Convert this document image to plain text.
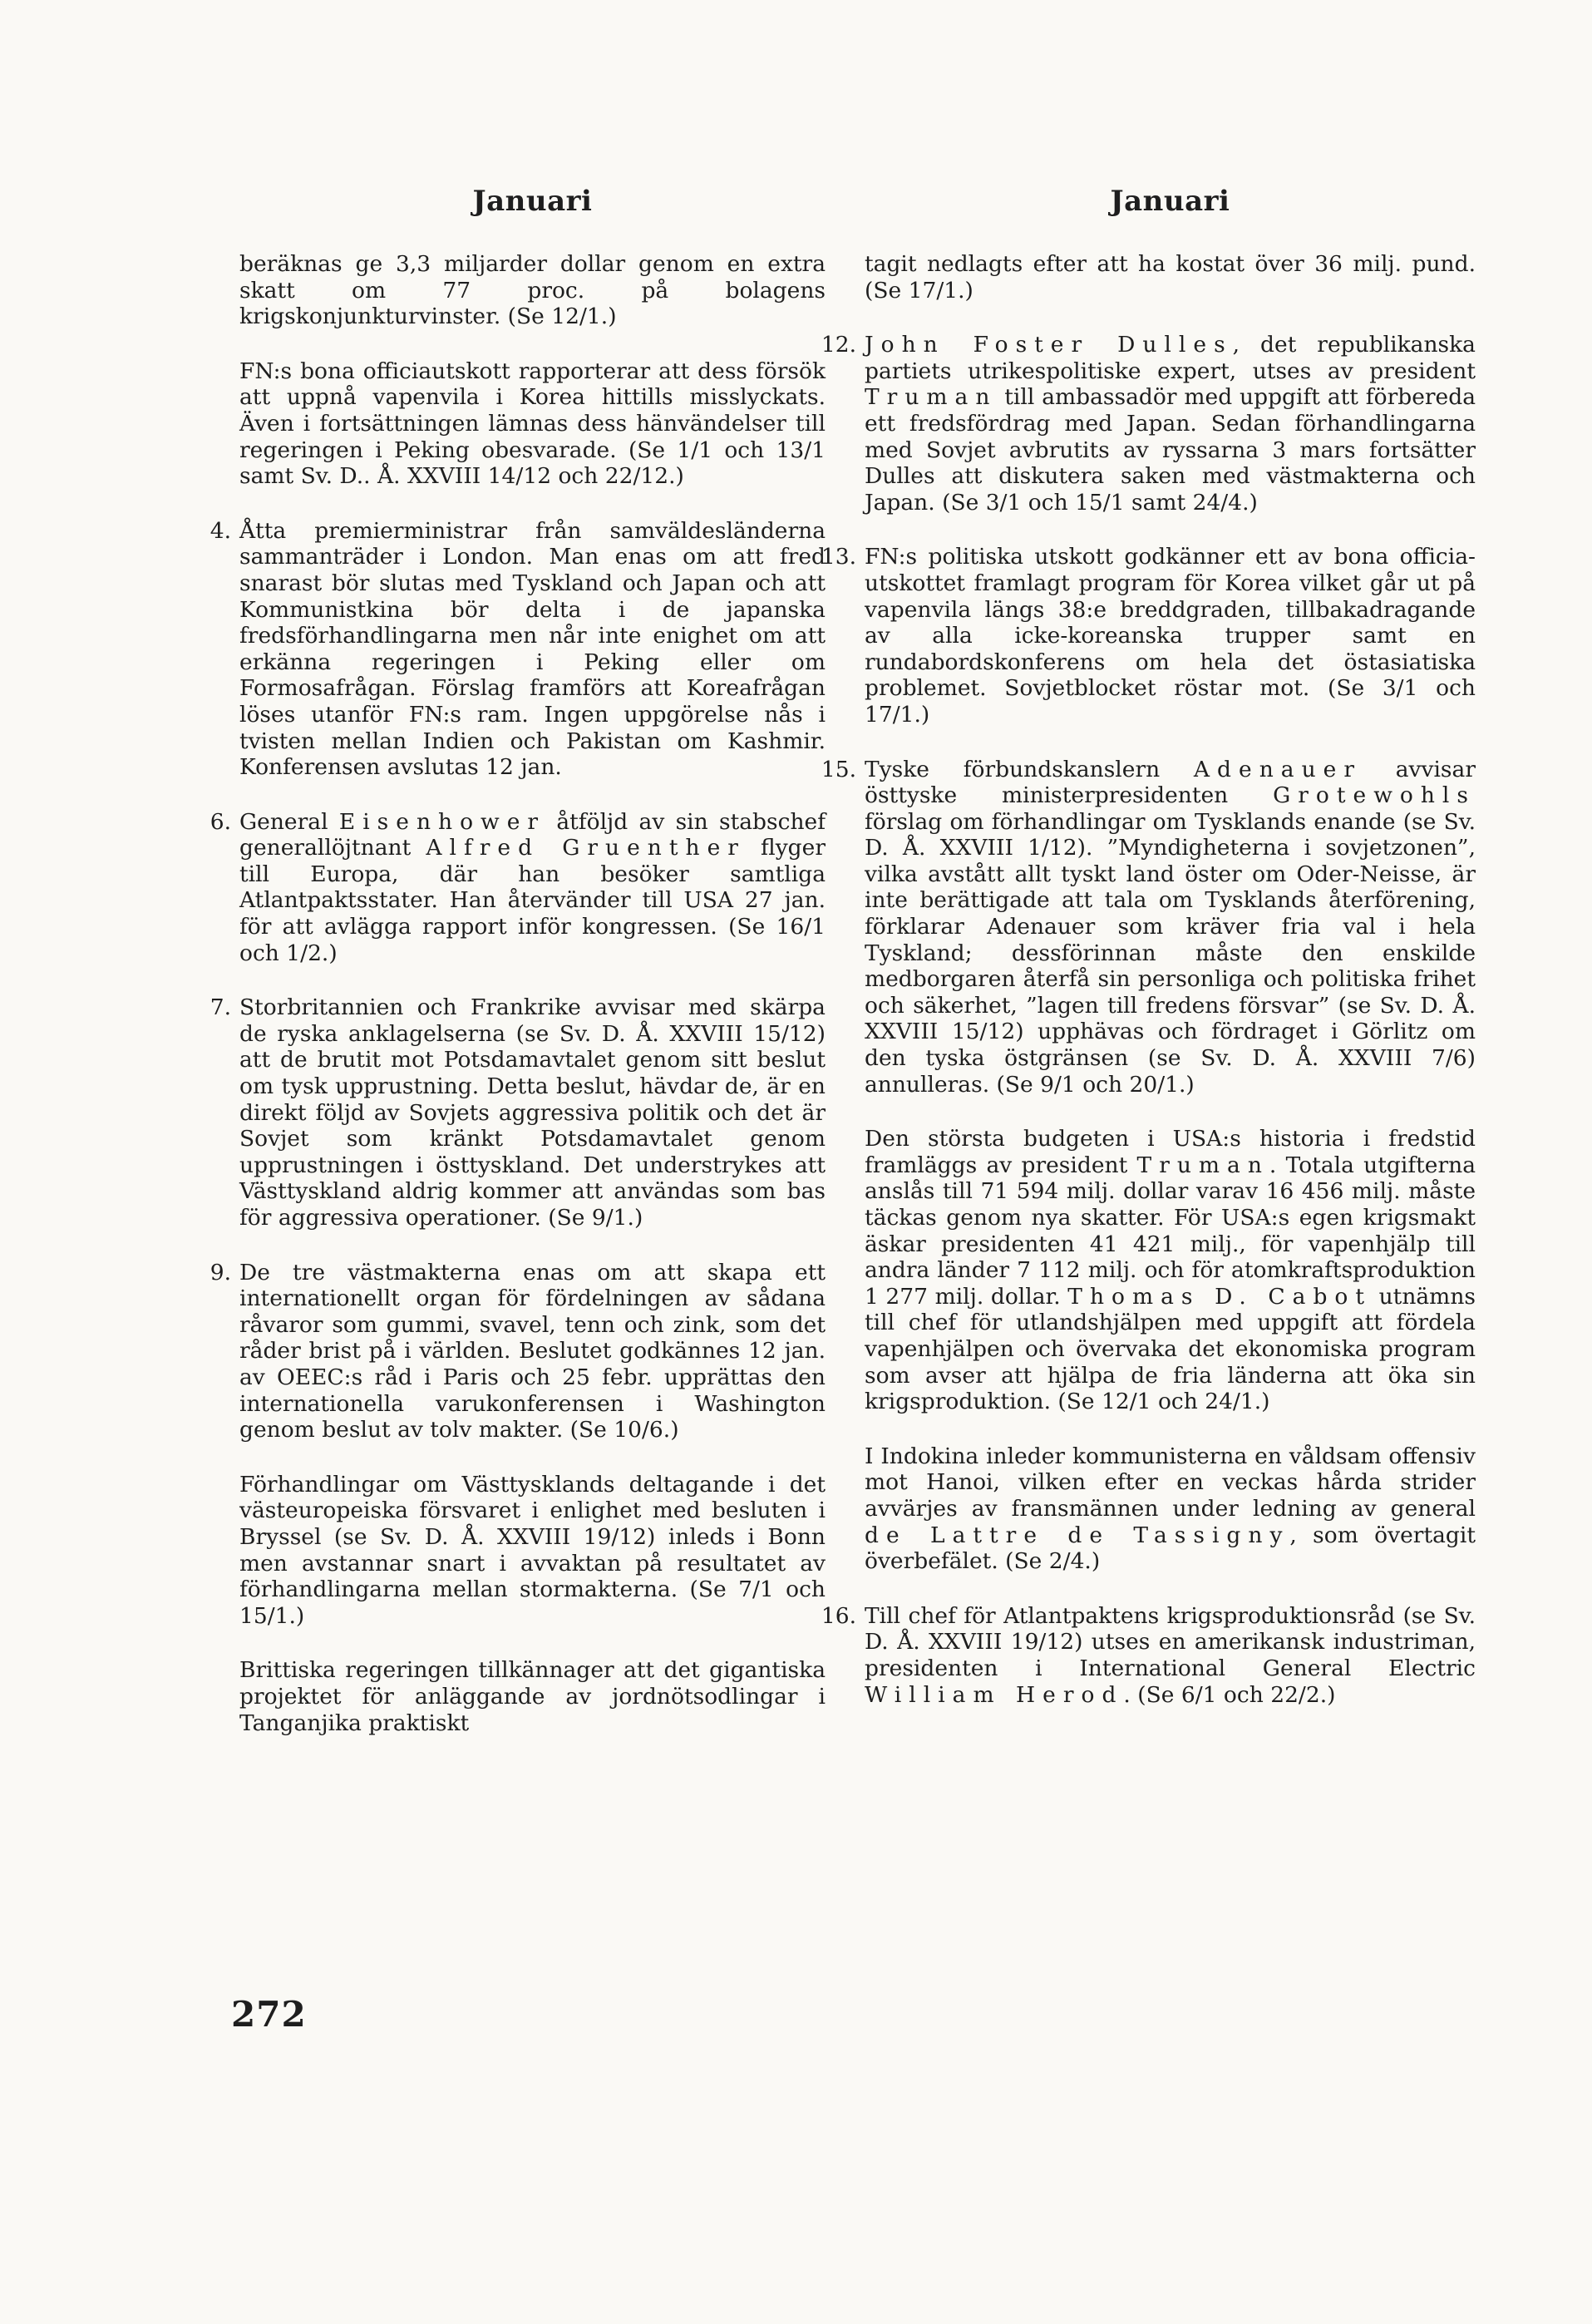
Januari
beräknas ge 3,3 miljarder dollar genom en extra skatt om 77 proc. på bolagens krigskonjunkturvinster. (Se 12/1.)
FN:s bona officiautskott rapporterar att dess försök att uppnå vapenvila i Korea hittills misslyckats. Även i fortsättningen lämnas dess hänvändelser till regeringen i Peking obesvarade. (Se 1/1 och 13/1 samt Sv. D.. Å. XXVIII 14/12 och 22/12.)
4. Åtta premierministrar från samväldesländerna sammanträder i London. Man enas om att fred snarast bör slutas med Tyskland och Japan och att Kommunistkina bör delta i de japanska fredsförhandlingarna men når inte enighet om att erkänna regeringen i Peking eller om Formosafrågan. Förslag framförs att Koreafrågan löses utanför FN:s ram. Ingen uppgörelse nås i tvisten mellan Indien och Pakistan om Kashmir. Konferensen avslutas 12 jan.
6. General Eisenhower åtföljd av sin stabschef generallöjtnant Alfred Gruenther flyger till Europa, där han besöker samtliga Atlantpaktsstater. Han återvänder till USA 27 jan. för att avlägga rapport inför kongressen. (Se 16/1 och 1/2.)
7. Storbritannien och Frankrike avvisar med skärpa de ryska anklagelserna (se Sv. D. Å. XXVIII 15/12) att de brutit mot Potsdamavtalet genom sitt beslut om tysk upprustning. Detta beslut, hävdar de, är en direkt följd av Sovjets aggressiva politik och det är Sovjet som kränkt Potsdamavtalet genom upprustningen i östtyskland. Det understrykes att Västtyskland aldrig kommer att användas som bas för aggressiva operationer. (Se 9/1.)
9. De tre västmakterna enas om att skapa ett internationellt organ för fördelningen av sådana råvaror som gummi, svavel, tenn och zink, som det råder brist på i världen. Beslutet godkännes 12 jan. av OEEC:s råd i Paris och 25 febr. upprättas den internationella varukonferensen i Washington genom beslut av tolv makter. (Se 10/6.)
Förhandlingar om Västtysklands deltagande i det västeuropeiska försvaret i enlighet med besluten i Bryssel (se Sv. D. Å. XXVIII 19/12) inleds i Bonn men avstannar snart i avvaktan på resultatet av förhandlingarna mellan stormakterna. (Se 7/1 och 15/1.)
Brittiska regeringen tillkännager att det gigantiska projektet för anläggande av jordnötsodlingar i Tanganjika praktiskt
Januari
tagit nedlagts efter att ha kostat över 36 milj. pund. (Se 17/1.)
12. John Foster Dulles, det republikanska partiets utrikespolitiske expert, utses av president Truman till ambassadör med uppgift att förbereda ett fredsfördrag med Japan. Sedan förhandlingarna med Sovjet avbrutits av ryssarna 3 mars fortsätter Dulles att diskutera saken med västmakterna och Japan. (Se 3/1 och 15/1 samt 24/4.)
13. FN:s politiska utskott godkänner ett av bona officia-utskottet framlagt program för Korea vilket går ut på vapenvila längs 38:e breddgraden, tillbakadragande av alla icke-koreanska trupper samt en rundabordskonferens om hela det östasiatiska problemet. Sovjetblocket röstar mot. (Se 3/1 och 17/1.)
15. Tyske förbundskanslern Adenauer avvisar östtyske ministerpresidenten Grotewohls förslag om förhandlingar om Tysklands enande (se Sv. D. Å. XXVIII 1/12). ”Myndigheterna i sovjetzonen”, vilka avstått allt tyskt land öster om Oder-Neisse, är inte berättigade att tala om Tysklands återförening, förklarar Adenauer som kräver fria val i hela Tyskland; dessförinnan måste den enskilde medborgaren återfå sin personliga och politiska frihet och säkerhet, ”lagen till fredens försvar” (se Sv. D. Å. XXVIII 15/12) upphävas och fördraget i Görlitz om den tyska östgränsen (se Sv. D. Å. XXVIII 7/6) annulleras. (Se 9/1 och 20/1.)
Den största budgeten i USA:s historia i fredstid framläggs av president Truman. Totala utgifterna anslås till 71 594 milj. dollar varav 16 456 milj. måste täckas genom nya skatter. För USA:s egen krigsmakt äskar presidenten 41 421 milj., för vapenhjälp till andra länder 7 112 milj. och för atomkraftsproduktion 1 277 milj. dollar. Thomas D. Cabot utnämns till chef för utlandshjälpen med uppgift att fördela vapenhjälpen och övervaka det ekonomiska program som avser att hjälpa de fria länderna att öka sin krigsproduktion. (Se 12/1 och 24/1.)
I Indokina inleder kommunisterna en våldsam offensiv mot Hanoi, vilken efter en veckas hårda strider avvärjes av fransmännen under ledning av general de Lattre de Tassigny, som övertagit överbefälet. (Se 2/4.)
16. Till chef för Atlantpaktens krigsproduktionsråd (se Sv. D. Å. XXVIII 19/12) utses en amerikansk industriman, presidenten i International General Electric William Herod. (Se 6/1 och 22/2.)
272
